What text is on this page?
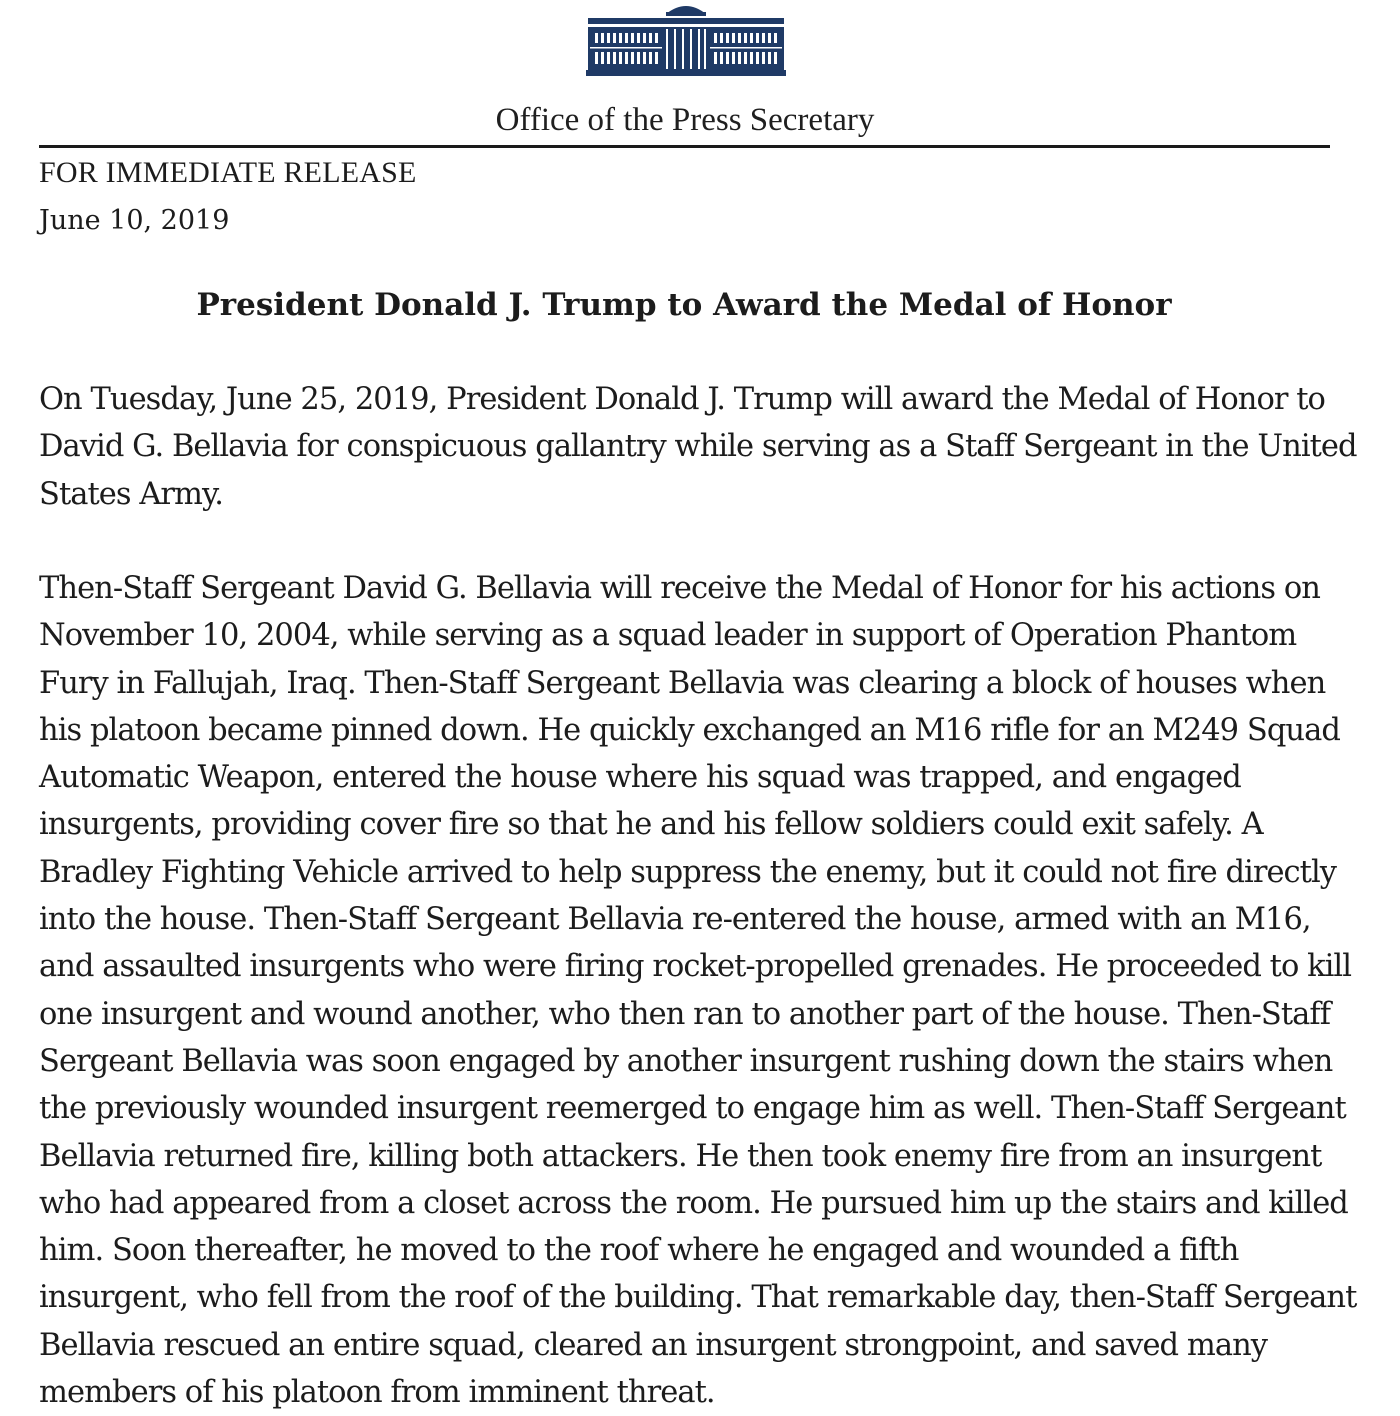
Office of the Press Secretary
FOR IMMEDIATE RELEASE
June 10, 2019
President Donald J. Trump to Award the Medal of Honor
On Tuesday, June 25, 2019, President Donald J. Trump will award the Medal of Honor to
David G. Bellavia for conspicuous gallantry while serving as a Staff Sergeant in the United
States Army.
Then-Staff Sergeant David G. Bellavia will receive the Medal of Honor for his actions on
November 10, 2004, while serving as a squad leader in support of Operation Phantom
Fury in Fallujah, Iraq. Then-Staff Sergeant Bellavia was clearing a block of houses when
his platoon became pinned down. He quickly exchanged an M16 rifle for an M249 Squad
Automatic Weapon, entered the house where his squad was trapped, and engaged
insurgents, providing cover fire so that he and his fellow soldiers could exit safely. A
Bradley Fighting Vehicle arrived to help suppress the enemy, but it could not fire directly
into the house. Then-Staff Sergeant Bellavia re-entered the house, armed with an M16,
and assaulted insurgents who were firing rocket-propelled grenades. He proceeded to kill
one insurgent and wound another, who then ran to another part of the house. Then-Staff
Sergeant Bellavia was soon engaged by another insurgent rushing down the stairs when
the previously wounded insurgent reemerged to engage him as well. Then-Staff Sergeant
Bellavia returned fire, killing both attackers. He then took enemy fire from an insurgent
who had appeared from a closet across the room. He pursued him up the stairs and killed
him. Soon thereafter, he moved to the roof where he engaged and wounded a fifth
insurgent, who fell from the roof of the building. That remarkable day, then-Staff Sergeant
Bellavia rescued an entire squad, cleared an insurgent strongpoint, and saved many
members of his platoon from imminent threat.
